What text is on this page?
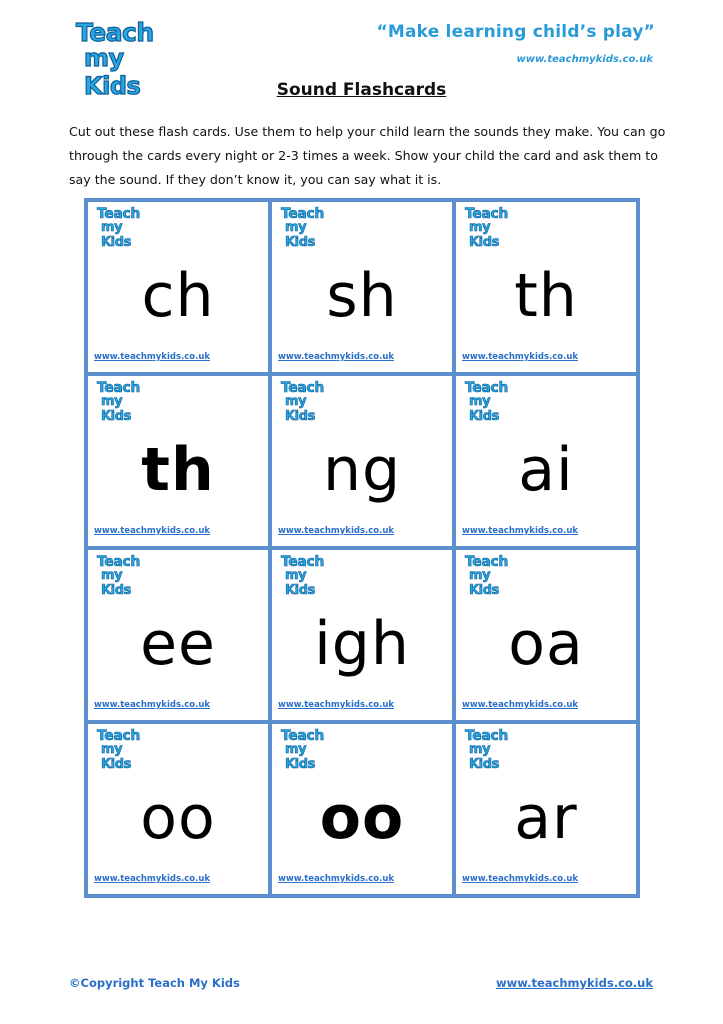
Teach
my Kids
“Make learning child’s play”
www.teachmykids.co.uk
Sound Flashcards

Cut out these flash cards. Use them to help your child learn the sounds they make. You can go through the cards every night or 2-3 times a week. Show your child the card and ask them to say the sound. If they don’t know it, you can say what it is.

Teach
my Kids
ch
www.teachmykids.co.uk
Teach
my Kids
sh
www.teachmykids.co.uk
Teach
my Kids
th
www.teachmykids.co.uk
Teach
my Kids
th
www.teachmykids.co.uk
Teach
my Kids
ng
www.teachmykids.co.uk
Teach
my Kids
ai
www.teachmykids.co.uk
Teach
my Kids
ee
www.teachmykids.co.uk
Teach
my Kids
igh
www.teachmykids.co.uk
Teach
my Kids
oa
www.teachmykids.co.uk
Teach
my Kids
oo
www.teachmykids.co.uk
Teach
my Kids
oo
www.teachmykids.co.uk
Teach
my Kids
ar
www.teachmykids.co.uk
©Copyright Teach My Kids	www.teachmykids.co.uk
